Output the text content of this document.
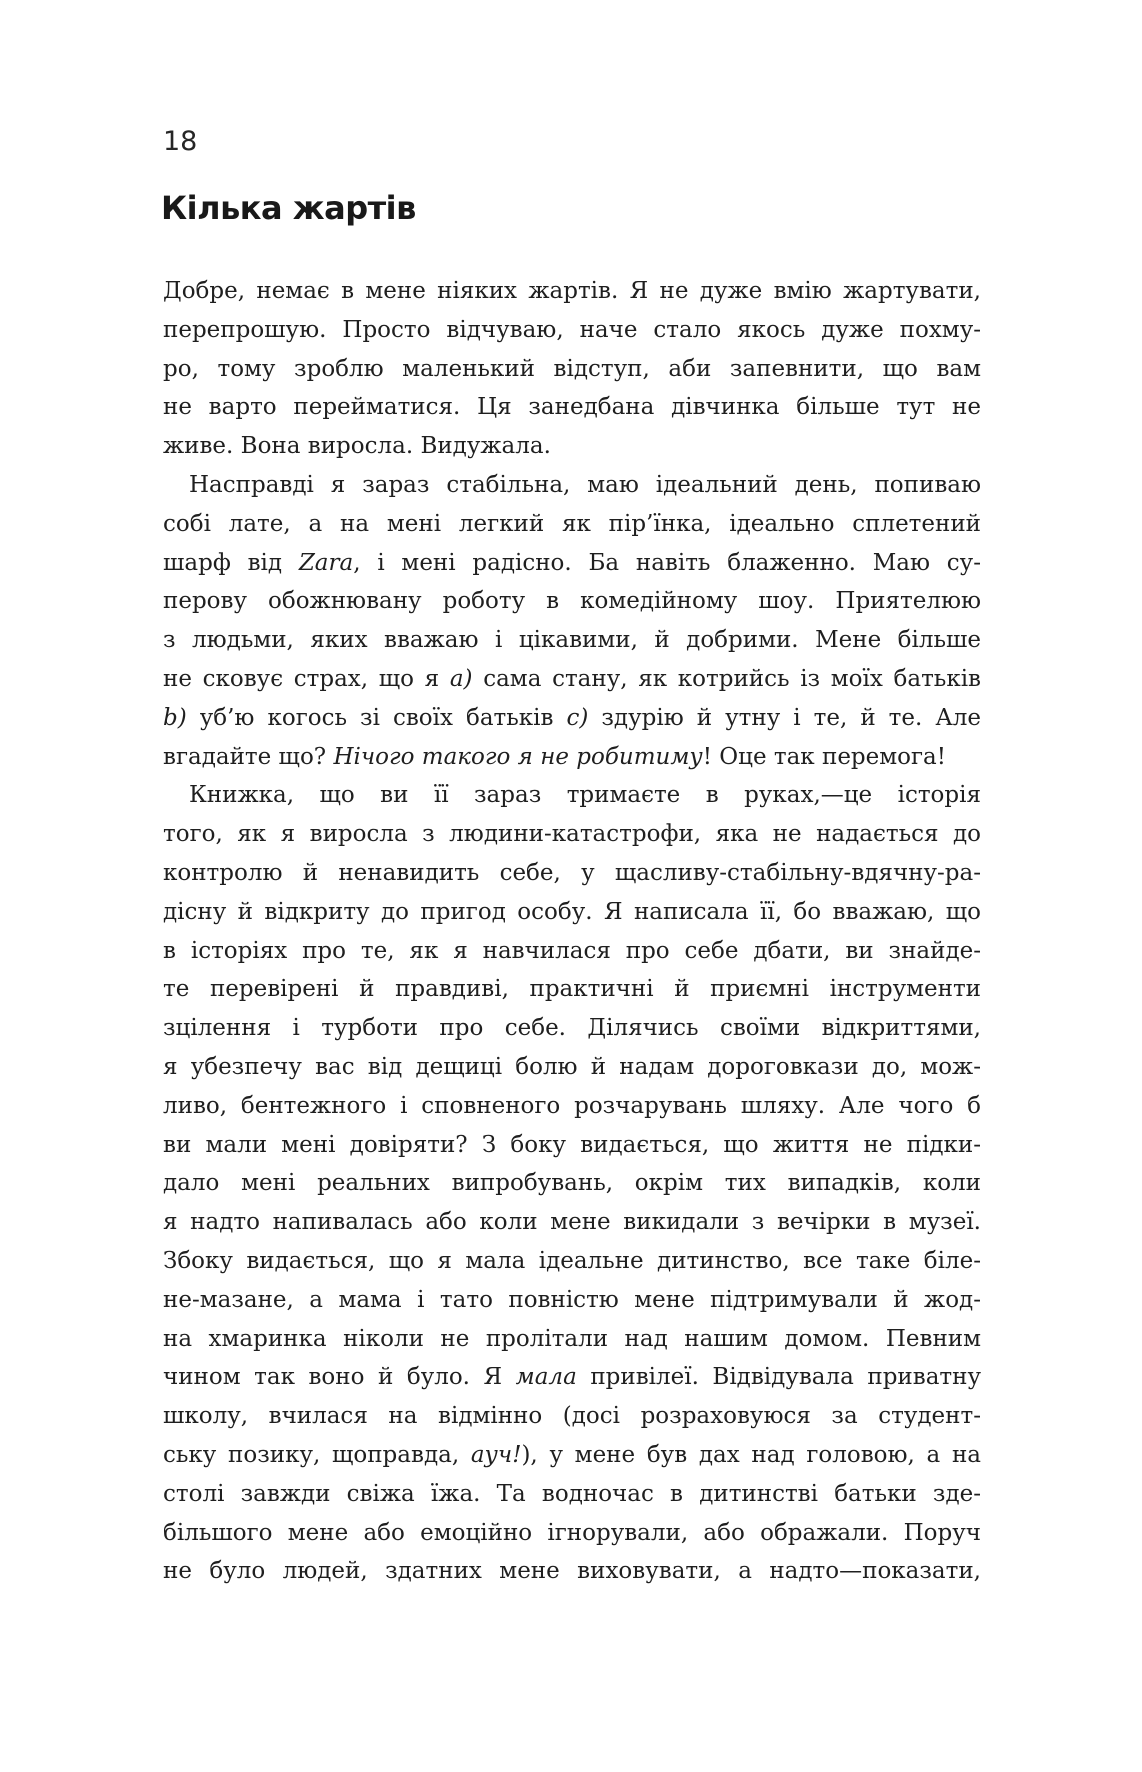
18
Кілька жартів
Добре, немає в мене ніяких жартів. Я не дуже вмію жартувати,
перепрошую. Просто відчуваю, наче стало якось дуже похму-
ро, тому зроблю маленький відступ, аби запевнити, що вам
не варто перейматися. Ця занедбана дівчинка більше тут не
живе. Вона виросла. Видужала.
Насправді я зараз стабільна, маю ідеальний день, попиваю
собі лате, а на мені легкий як пір’їнка, ідеально сплетений
шарф від Zara, і мені радісно. Ба навіть блаженно. Маю су-
перову обожнювану роботу в комедійному шоу. Приятелюю
з людьми, яких вважаю і цікавими, й добрими. Мене більше
не сковує страх, що я a) сама стану, як котрийсь із моїх батьків
b) уб’ю когось зі своїх батьків c) здурію й утну і те, й те. Але
вгадайте що? Нічого такого я не робитиму! Оце так перемога!
Книжка, що ви її зараз тримаєте в руках,—це історія
того, як я виросла з людини-катастрофи, яка не надається до
контролю й ненавидить себе, у щасливу-стабільну-вдячну-ра-
дісну й відкриту до пригод особу. Я написала її, бо вважаю, що
в історіях про те, як я навчилася про себе дбати, ви знайде-
те перевірені й правдиві, практичні й приємні інструменти
зцілення і турботи про себе. Ділячись своїми відкриттями,
я убезпечу вас від дещиці болю й надам дороговкази до, мож-
ливо, бентежного і сповненого розчарувань шляху. Але чого б
ви мали мені довіряти? З боку видається, що життя не підки-
дало мені реальних випробувань, окрім тих випадків, коли
я надто напивалась або коли мене викидали з вечірки в музеї.
Збоку видається, що я мала ідеальне дитинство, все таке біле-
не-мазане, а мама і тато повністю мене підтримували й жод-
на хмаринка ніколи не пролітали над нашим домом. Певним
чином так воно й було. Я мала привілеї. Відвідувала приватну
школу, вчилася на відмінно (досі розраховуюся за студент-
ську позику, щоправда, ауч!), у мене був дах над головою, а на
столі завжди свіжа їжа. Та водночас в дитинстві батьки зде-
більшого мене або емоційно ігнорували, або ображали. Поруч
не було людей, здатних мене виховувати, а надто—показати,
